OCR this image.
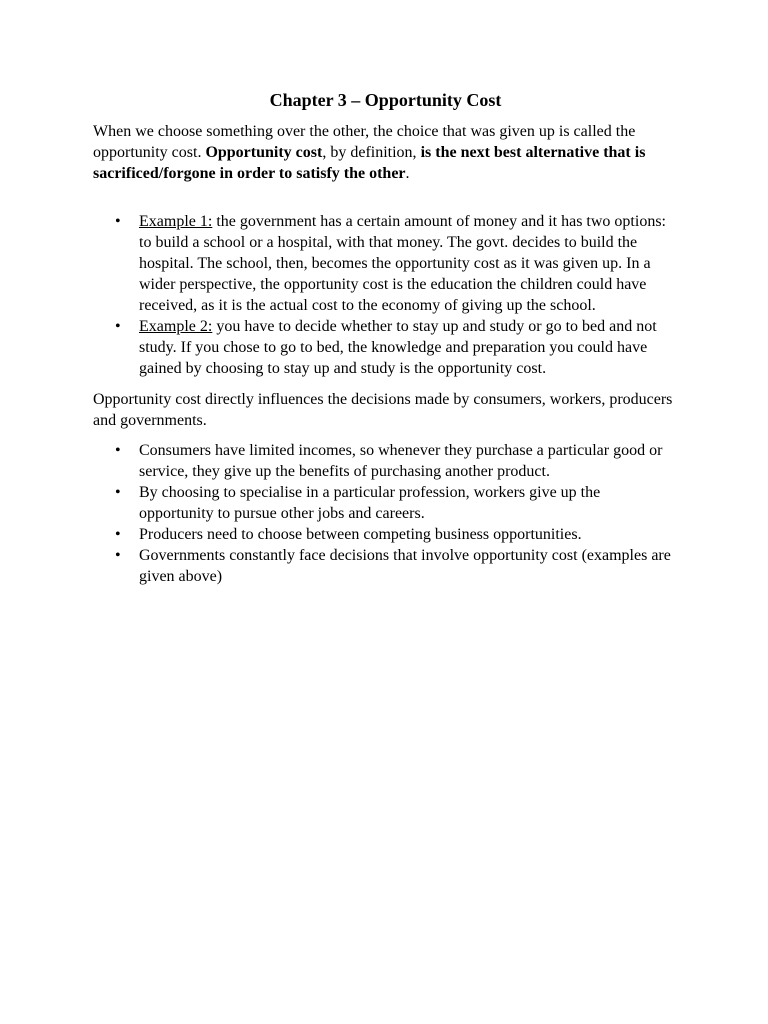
Chapter 3 – Opportunity Cost

When we choose something over the other, the choice that was given up is called the opportunity cost. Opportunity cost, by definition, is the next best alternative that is sacrificed/forgone in order to satisfy the other.

• Example 1: the government has a certain amount of money and it has two options: to build a school or a hospital, with that money. The govt. decides to build the hospital. The school, then, becomes the opportunity cost as it was given up. In a wider perspective, the opportunity cost is the education the children could have received, as it is the actual cost to the economy of giving up the school.
• Example 2: you have to decide whether to stay up and study or go to bed and not study. If you chose to go to bed, the knowledge and preparation you could have gained by choosing to stay up and study is the opportunity cost.

Opportunity cost directly influences the decisions made by consumers, workers, producers and governments.

• Consumers have limited incomes, so whenever they purchase a particular good or service, they give up the benefits of purchasing another product.
• By choosing to specialise in a particular profession, workers give up the opportunity to pursue other jobs and careers.
• Producers need to choose between competing business opportunities.
• Governments constantly face decisions that involve opportunity cost (examples are given above)
